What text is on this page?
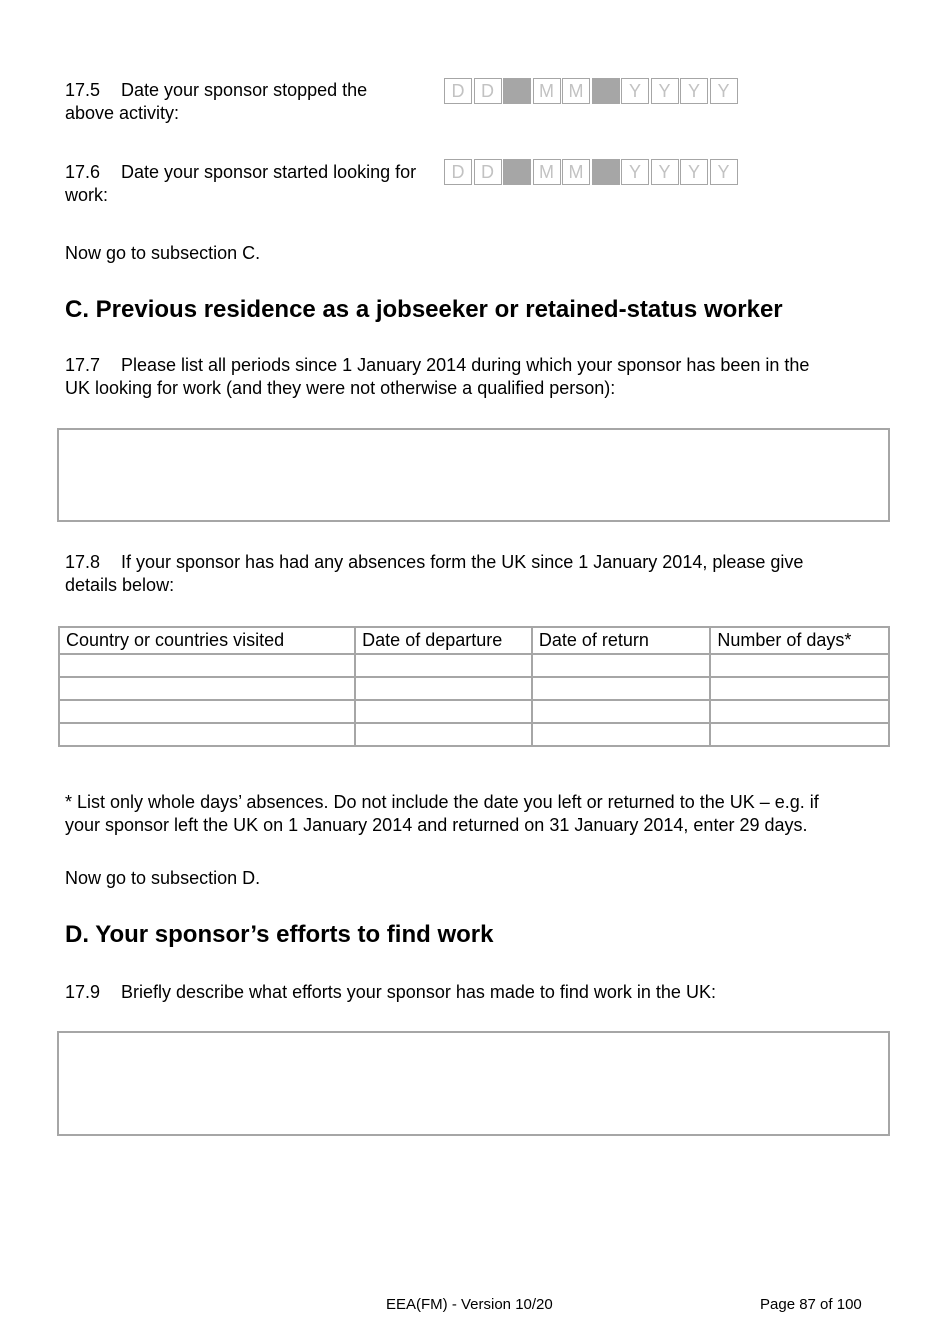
17.5 Date your sponsor stopped the
above activity:
D D	M M	Y Y Y Y
17.6 Date your sponsor started looking for
work:
D D	M M	Y Y Y Y
Now go to subsection C.
C. Previous residence as a jobseeker or retained-status worker
17.7 Please list all periods since 1 January 2014 during which your sponsor has been in the
UK looking for work (and they were not otherwise a qualified person):
17.8 If your sponsor has had any absences form the UK since 1 January 2014, please give
details below:
Country or countries visited	Date of departure	Date of return	Number of days*

* List only whole days’ absences. Do not include the date you left or returned to the UK – e.g. if
your sponsor left the UK on 1 January 2014 and returned on 31 January 2014, enter 29 days.
Now go to subsection D.
D. Your sponsor’s efforts to find work
17.9 Briefly describe what efforts your sponsor has made to find work in the UK:
EEA(FM) - Version 10/20	Page 87 of 100
